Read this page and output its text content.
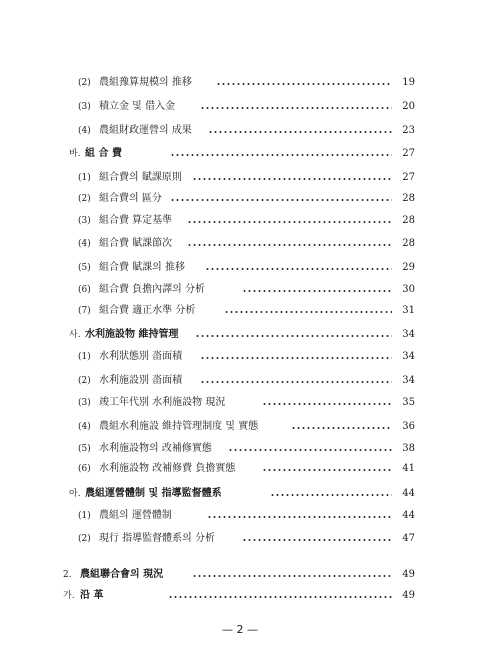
(2) 農組豫算規模의 推移	19
(3) 積立金 및 借入金	20
(4) 農組財政運營의 成果	23
바. 組 合 費	27
(1) 組合費의 賦課原則	27
(2) 組合費의 區分	28
(3) 組合費 算定基準	28
(4) 組合費 賦課節次	28
(5) 組合費 賦課의 推移	29
(6) 組合費 負擔內譯의 分析	30
(7) 組合費 適正水準 分析	31
사. 水利施設物 維持管理	34
(1) 水利狀態別 畓面積	34
(2) 水利施設別 畓面積	34
(3) 竣工年代別 水利施設物 現況	35
(4) 農組水利施設 維持管理制度 및 實態	36
(5) 水利施設物의 改補修實態	38
(6) 水利施設物 改補修費 負擔實態	41
아. 農組運營體制 및 指導監督體系	44
(1) 農組의 運營體制	44
(2) 現行 指導監督體系의 分析	47
2. 農組聯合會의 現況	49
가. 沿 革	49
— 2 —
